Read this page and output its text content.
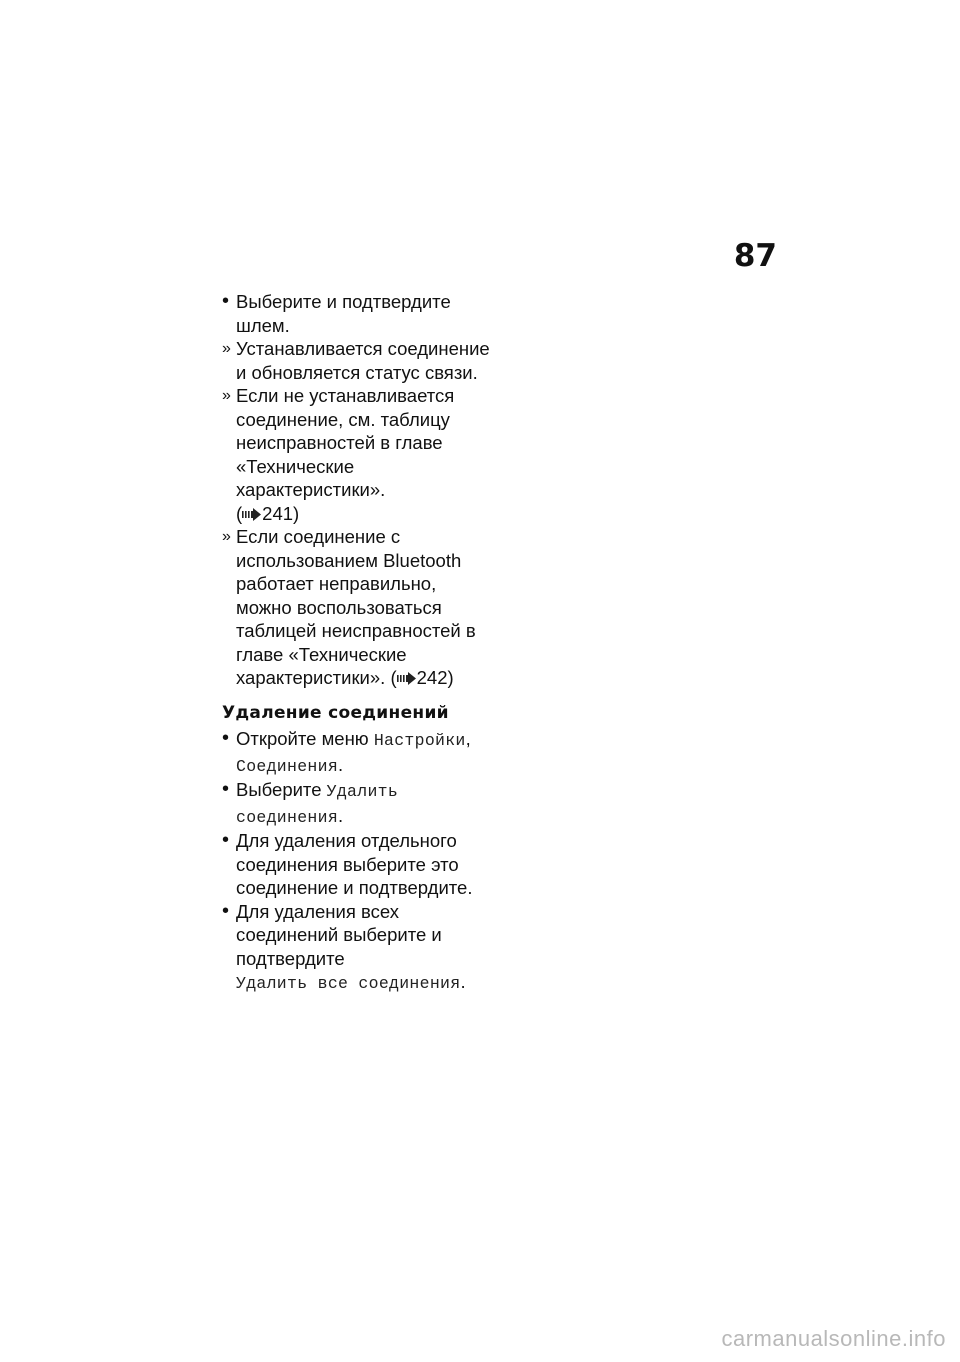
87
• Выберите и подтвердите шлем.
» Устанавливается соединение и обновляется статус связи.
» Если не устанавливается соединение, см. таблицу неисправностей в главе «Технические характеристики».
( 241)
» Если соединение с использованием Bluetooth работает неправильно, можно воспользоваться таблицей неисправностей в главе «Технические характеристики». ( 242)
Удаление соединений
• Откройте меню Настройки,
Соединения.
• Выберите Удалить соединения.
• Для удаления отдельного соединения выберите это соединение и подтвердите.
• Для удаления всех соединений выберите и подтвердите
Удалить все соединения.
carmanualsonline.info
